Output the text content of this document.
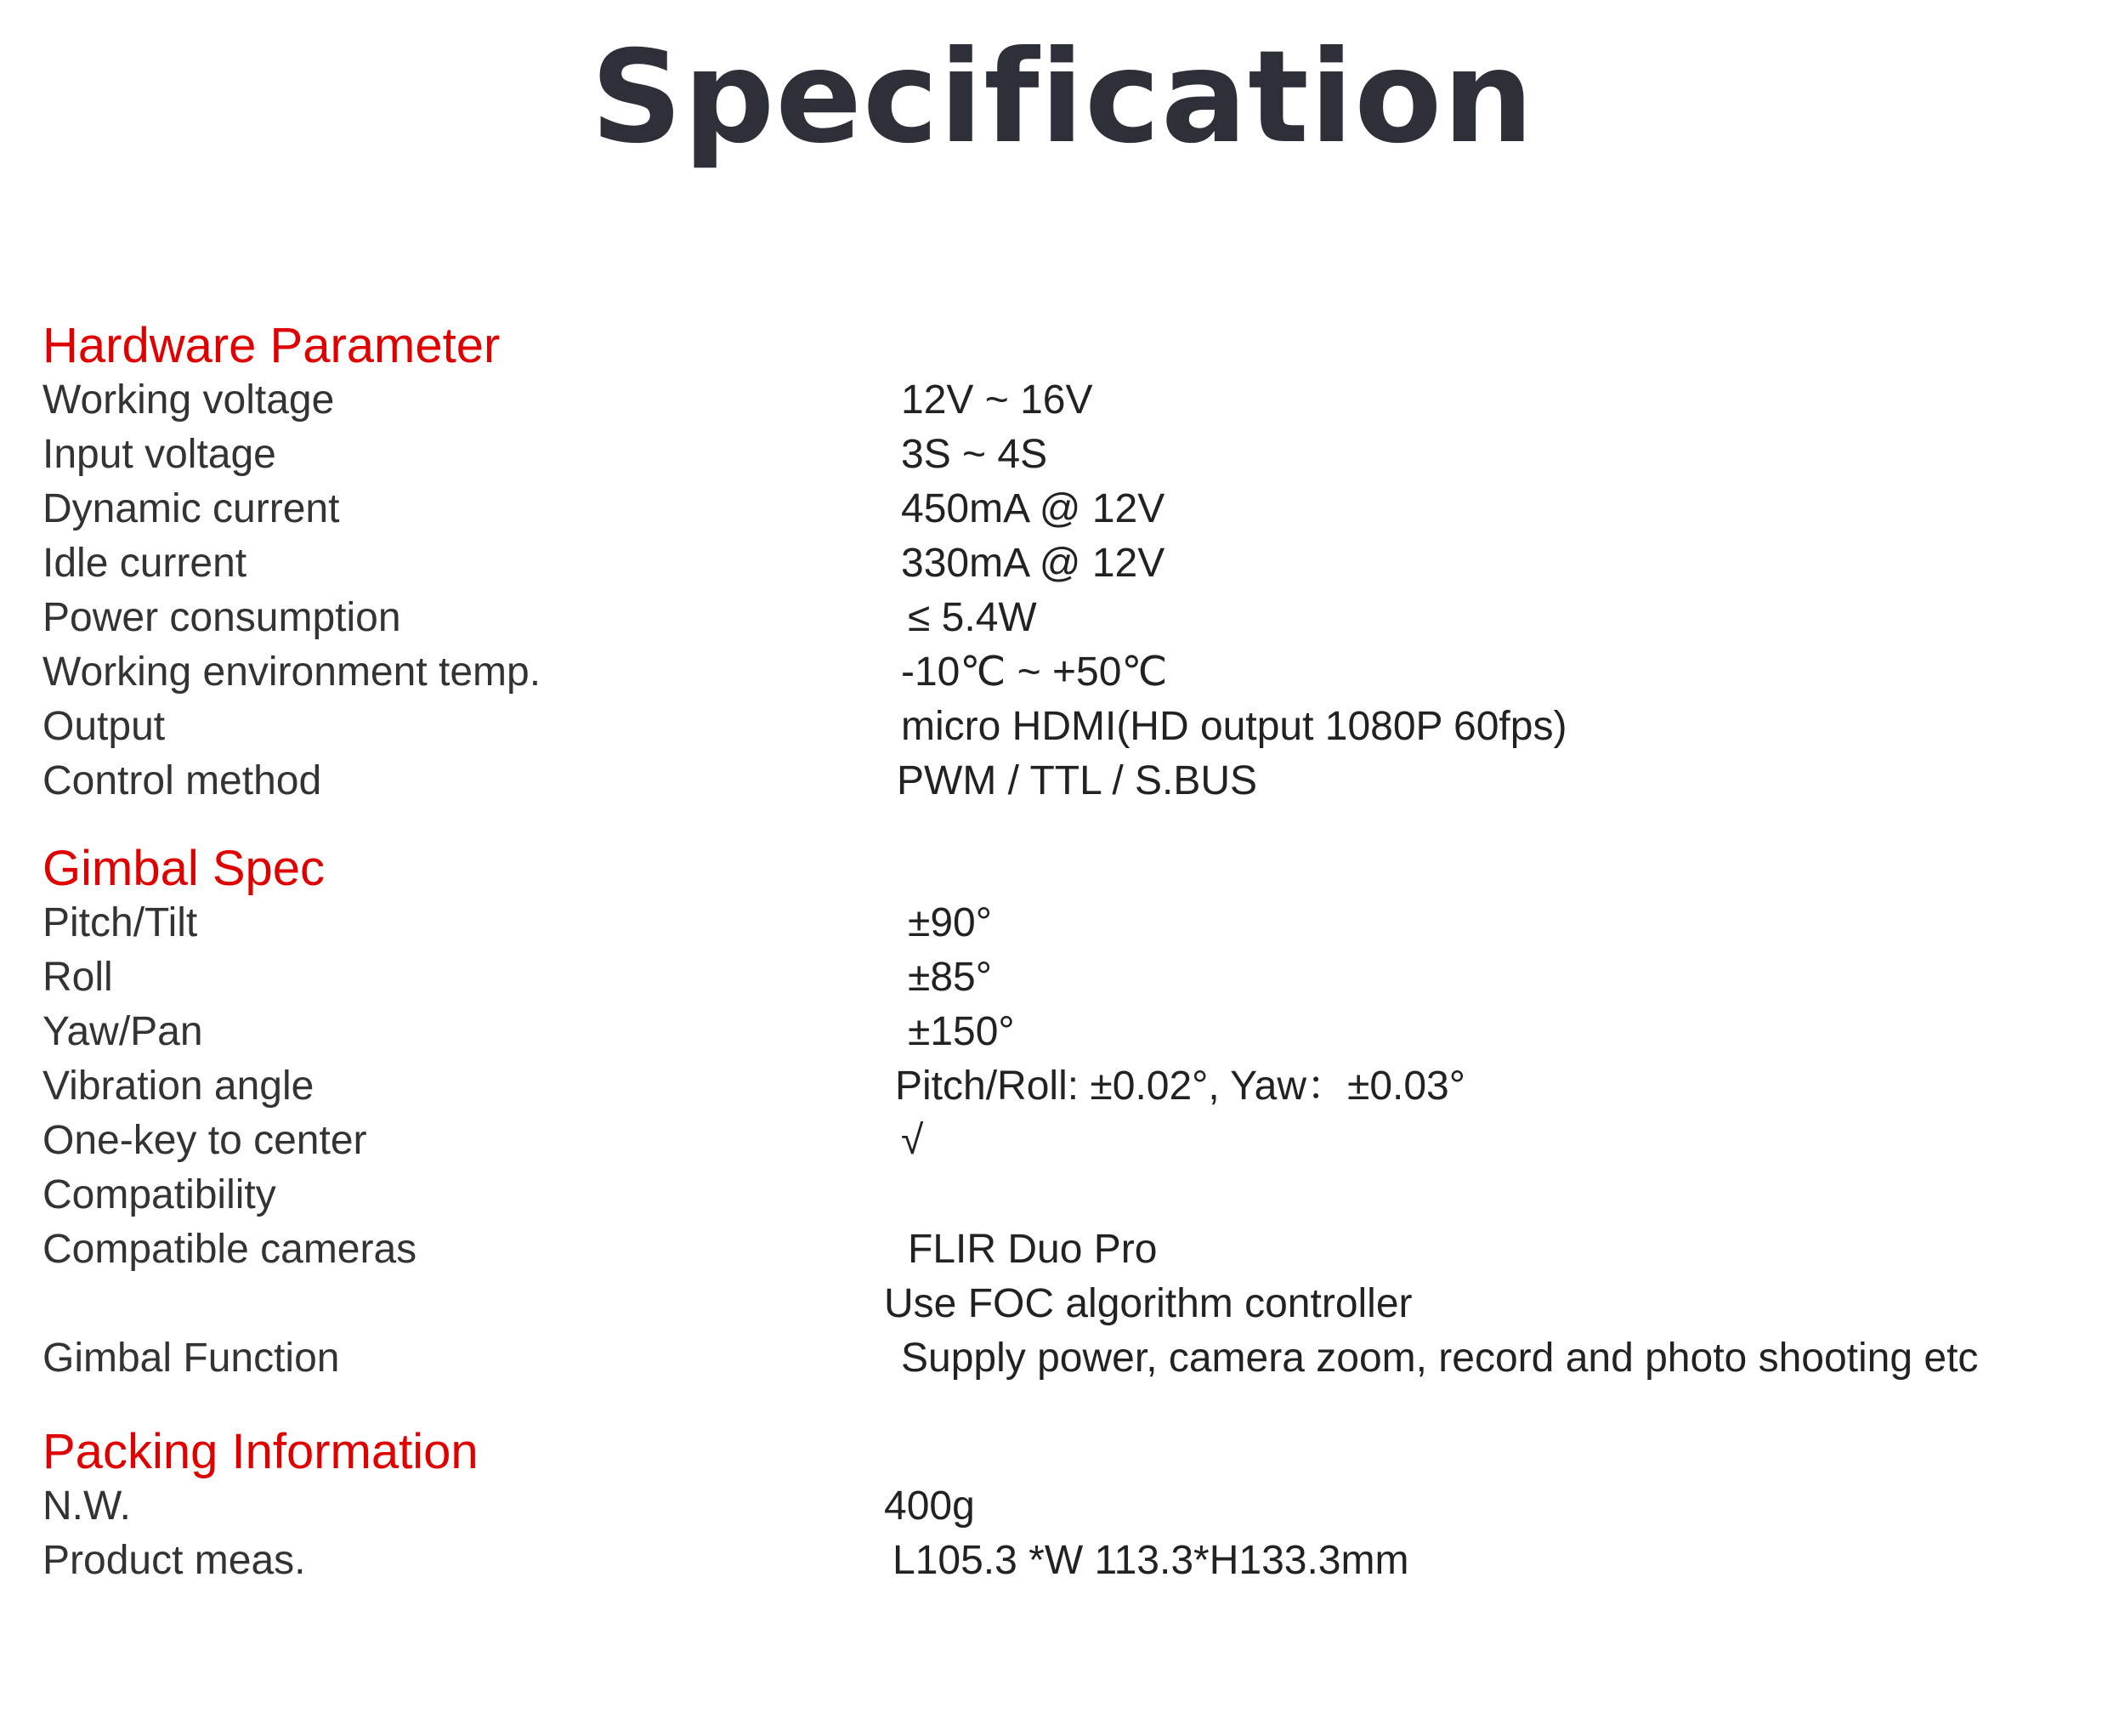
Specification
Hardware Parameter
Working voltage	12V ~ 16V
Input voltage	3S ~ 4S
Dynamic current	450mA @ 12V
Idle current	330mA @ 12V
Power consumption	≤ 5.4W
Working environment temp.	-10℃ ~ +50℃
Output	micro HDMI(HD output 1080P 60fps)
Control method	PWM / TTL / S.BUS
Gimbal Spec
Pitch/Tilt	±90°
Roll	±85°
Yaw/Pan	±150°
Vibration angle	Pitch/Roll: ±0.02°, Yaw：±0.03°
One-key to center	√
Compatibility
Compatible cameras	FLIR Duo Pro
Use FOC algorithm controller
Gimbal Function	Supply power, camera zoom, record and photo shooting etc
Packing Information
N.W.	400g
Product meas.	L105.3 *W 113.3*H133.3mm
